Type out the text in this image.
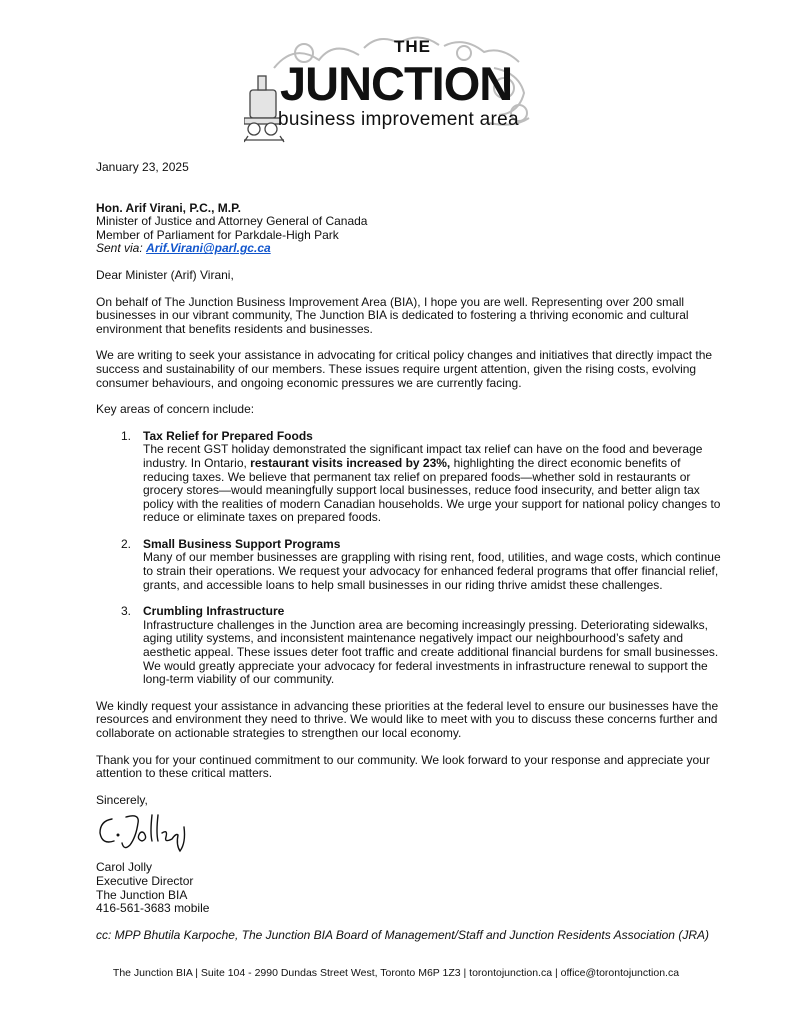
THE
JUNCTION
business improvement area

January 23, 2025

Hon. Arif Virani, P.C., M.P.

Minister of Justice and Attorney General of Canada

Member of Parliament for Parkdale-High Park

Sent via: Arif.Virani@parl.gc.ca

Dear Minister (Arif) Virani,

On behalf of The Junction Business Improvement Area (BIA), I hope you are well. Representing over 200 small businesses in our vibrant community, The Junction BIA is dedicated to fostering a thriving economic and cultural environment that benefits residents and businesses.

We are writing to seek your assistance in advocating for critical policy changes and initiatives that directly impact the success and sustainability of our members. These issues require urgent attention, given the rising costs, evolving consumer behaviours, and ongoing economic pressures we are currently facing.

Key areas of concern include:

1. Tax Relief for Prepared Foods
The recent GST holiday demonstrated the significant impact tax relief can have on the food and beverage industry. In Ontario, restaurant visits increased by 23%, highlighting the direct economic benefits of reducing taxes. We believe that permanent tax relief on prepared foods—whether sold in restaurants or grocery stores—would meaningfully support local businesses, reduce food insecurity, and better align tax policy with the realities of modern Canadian households. We urge your support for national policy changes to reduce or eliminate taxes on prepared foods.
2. Small Business Support Programs
Many of our member businesses are grappling with rising rent, food, utilities, and wage costs, which continue to strain their operations. We request your advocacy for enhanced federal programs that offer financial relief, grants, and accessible loans to help small businesses in our riding thrive amidst these challenges.
3. Crumbling Infrastructure
Infrastructure challenges in the Junction area are becoming increasingly pressing. Deteriorating sidewalks, aging utility systems, and inconsistent maintenance negatively impact our neighbourhood’s safety and aesthetic appeal. These issues deter foot traffic and create additional financial burdens for small businesses. We would greatly appreciate your advocacy for federal investments in infrastructure renewal to support the long-term viability of our community.

We kindly request your assistance in advancing these priorities at the federal level to ensure our businesses have the resources and environment they need to thrive. We would like to meet with you to discuss these concerns further and collaborate on actionable strategies to strengthen our local economy.

Thank you for your continued commitment to our community. We look forward to your response and appreciate your attention to these critical matters.

Sincerely,

Carol Jolly

Executive Director

The Junction BIA

416-561-3683 mobile

cc: MPP Bhutila Karpoche, The Junction BIA Board of Management/Staff and Junction Residents Association (JRA)

The Junction BIA | Suite 104 - 2990 Dundas Street West, Toronto M6P 1Z3 | torontojunction.ca | office@torontojunction.ca
